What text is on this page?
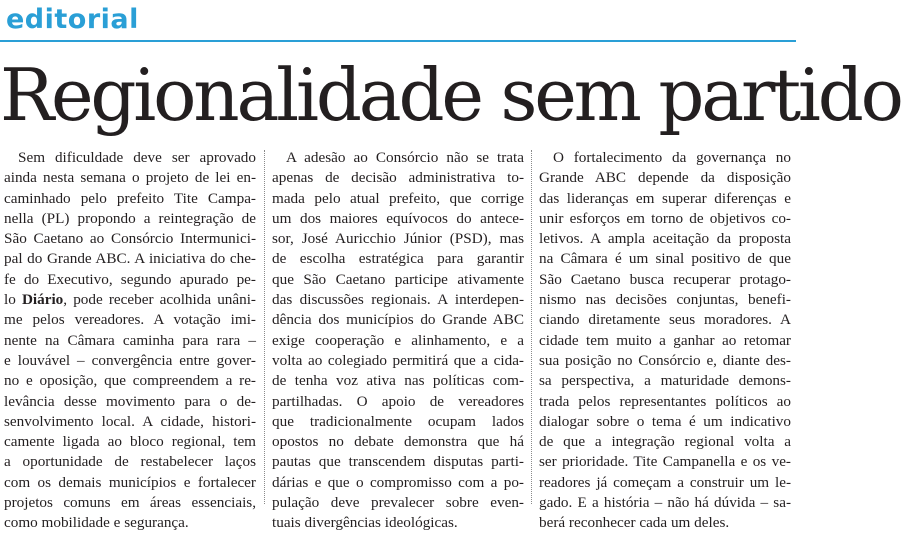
editorial
Regionalidade sem partido

Sem dificuldade deve ser aprovado
ainda nesta semana o projeto de lei en-
caminhado pelo prefeito Tite Campa-
nella (PL) propondo a reintegração de
São Caetano ao Consórcio Intermunici-
pal do Grande ABC. A iniciativa do che-
fe do Executivo, segundo apurado pe-
lo Diário, pode receber acolhida unâni-
me pelos vereadores. A votação imi-
nente na Câmara caminha para rara –
e louvável – convergência entre gover-
no e oposição, que compreendem a re-
levância desse movimento para o de-
senvolvimento local. A cidade, histori-
camente ligada ao bloco regional, tem
a oportunidade de restabelecer laços
com os demais municípios e fortalecer
projetos comuns em áreas essenciais,
como mobilidade e segurança.

A adesão ao Consórcio não se trata
apenas de decisão administrativa to-
mada pelo atual prefeito, que corrige
um dos maiores equívocos do antece-
sor, José Auricchio Júnior (PSD), mas
de escolha estratégica para garantir
que São Caetano participe ativamente
das discussões regionais. A interdepen-
dência dos municípios do Grande ABC
exige cooperação e alinhamento, e a
volta ao colegiado permitirá que a cida-
de tenha voz ativa nas políticas com-
partilhadas. O apoio de vereadores
que tradicionalmente ocupam lados
opostos no debate demonstra que há
pautas que transcendem disputas parti-
dárias e que o compromisso com a po-
pulação deve prevalecer sobre even-
tuais divergências ideológicas.

O fortalecimento da governança no
Grande ABC depende da disposição
das lideranças em superar diferenças e
unir esforços em torno de objetivos co-
letivos. A ampla aceitação da proposta
na Câmara é um sinal positivo de que
São Caetano busca recuperar protago-
nismo nas decisões conjuntas, benefi-
ciando diretamente seus moradores. A
cidade tem muito a ganhar ao retomar
sua posição no Consórcio e, diante des-
sa perspectiva, a maturidade demons-
trada pelos representantes políticos ao
dialogar sobre o tema é um indicativo
de que a integração regional volta a
ser prioridade. Tite Campanella e os ve-
readores já começam a construir um le-
gado. E a história – não há dúvida – sa-
berá reconhecer cada um deles.
